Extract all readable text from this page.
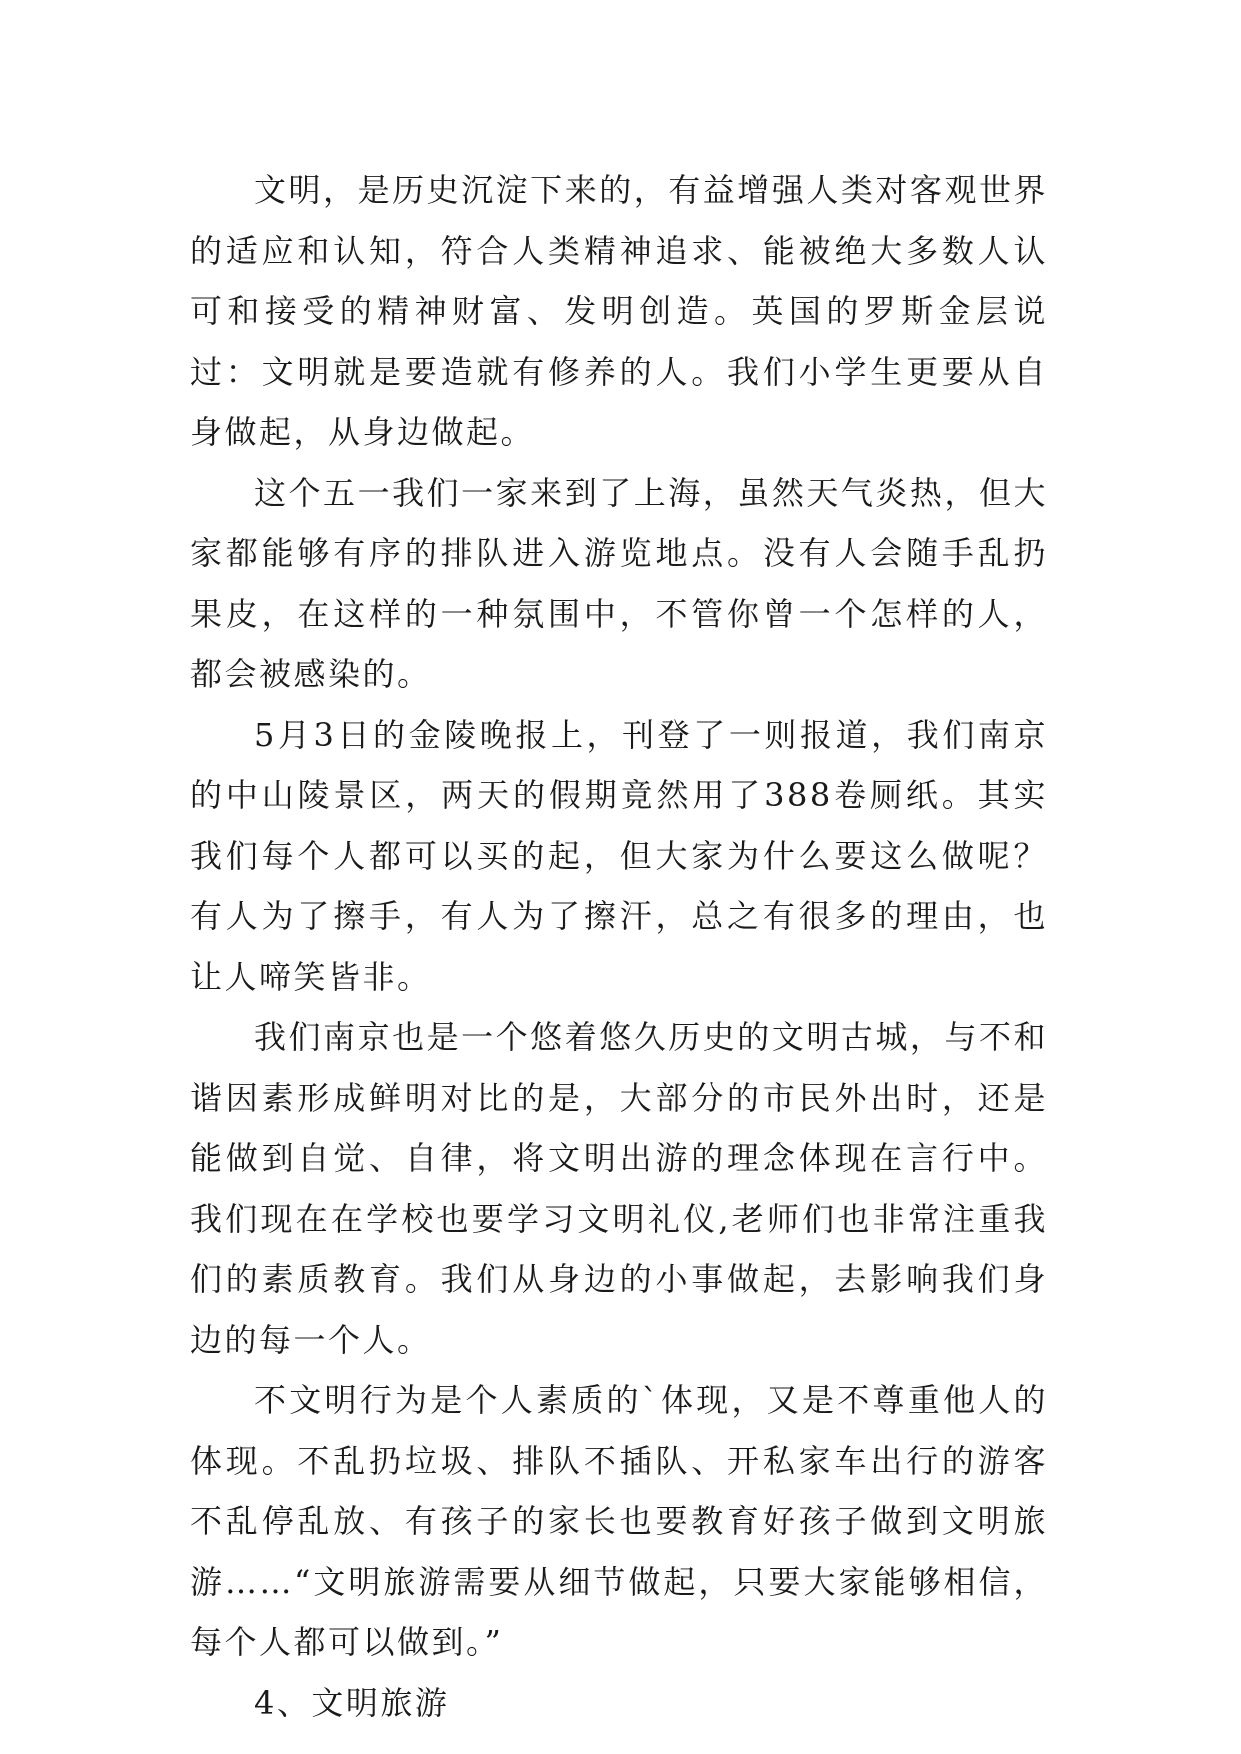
文明，是历史沉淀下来的，有益增强人类对客观世界的适应和认知，符合人类精神追求、能被绝大多数人认可和接受的精神财富、发明创造。英国的罗斯金层说过：文明就是要造就有修养的人。我们小学生更要从自身做起，从身边做起。

这个五一我们一家来到了上海，虽然天气炎热，但大家都能够有序的排队进入游览地点。没有人会随手乱扔果皮，在这样的一种氛围中，不管你曾一个怎样的人，都会被感染的。

5月3日的金陵晚报上，刊登了一则报道，我们南京的中山陵景区，两天的假期竟然用了388卷厕纸。其实我们每个人都可以买的起，但大家为什么要这么做呢？有人为了擦手，有人为了擦汗，总之有很多的理由，也让人啼笑皆非。

我们南京也是一个悠着悠久历史的文明古城，与不和谐因素形成鲜明对比的是，大部分的市民外出时，还是能做到自觉、自律，将文明出游的理念体现在言行中。我们现在在学校也要学习文明礼仪,老师们也非常注重我们的素质教育。我们从身边的小事做起，去影响我们身边的每一个人。

不文明行为是个人素质的`体现，又是不尊重他人的体现。不乱扔垃圾、排队不插队、开私家车出行的游客不乱停乱放、有孩子的家长也要教育好孩子做到文明旅游……“文明旅游需要从细节做起，只要大家能够相信，每个人都可以做到。”

4、文明旅游
